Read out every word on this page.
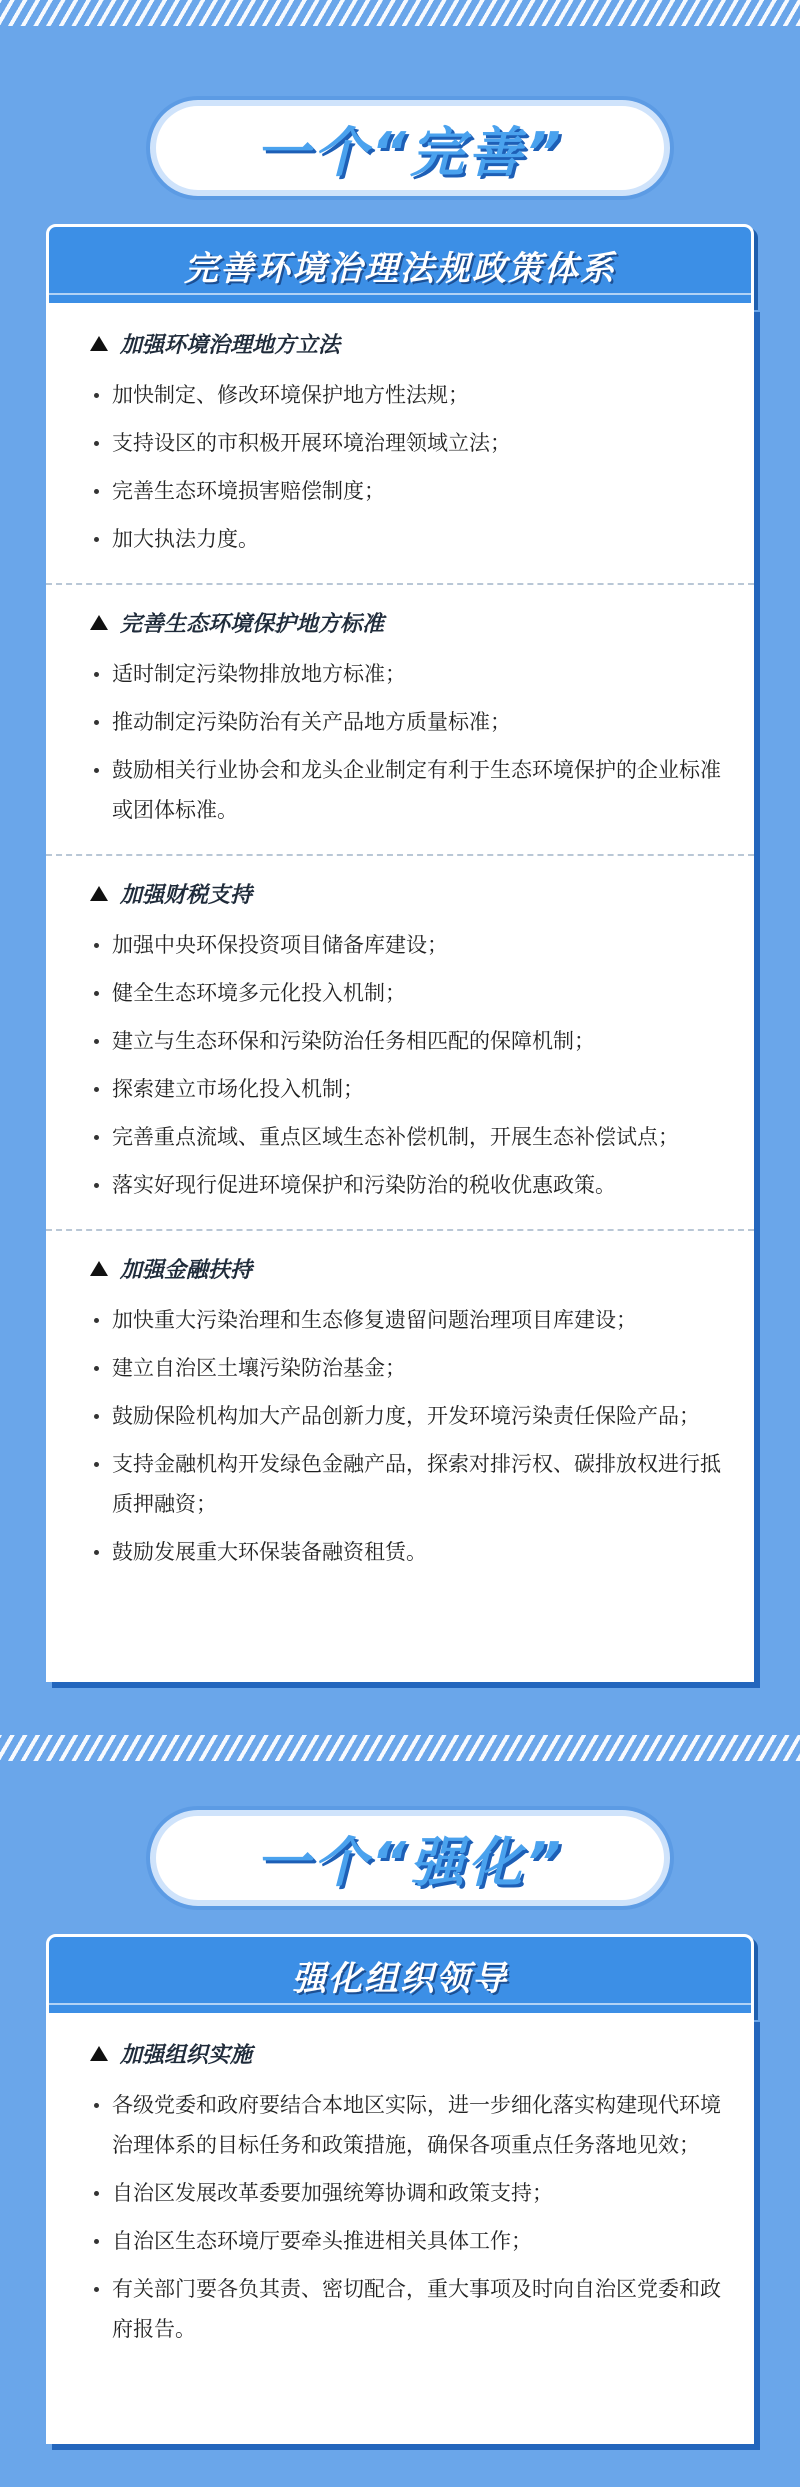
一个“完善”
完善环境治理法规政策体系
加强环境治理地方立法
加快制定、修改环境保护地方性法规；
支持设区的市积极开展环境治理领域立法；
完善生态环境损害赔偿制度；
加大执法力度。
完善生态环境保护地方标准
适时制定污染物排放地方标准；
推动制定污染防治有关产品地方质量标准；
鼓励相关行业协会和龙头企业制定有利于生态环境保护的企业标准或团体标准。
加强财税支持
加强中央环保投资项目储备库建设；
健全生态环境多元化投入机制；
建立与生态环保和污染防治任务相匹配的保障机制；
探索建立市场化投入机制；
完善重点流域、重点区域生态补偿机制，开展生态补偿试点；
落实好现行促进环境保护和污染防治的税收优惠政策。
加强金融扶持
加快重大污染治理和生态修复遗留问题治理项目库建设；
建立自治区土壤污染防治基金；
鼓励保险机构加大产品创新力度，开发环境污染责任保险产品；
支持金融机构开发绿色金融产品，探索对排污权、碳排放权进行抵质押融资；
鼓励发展重大环保装备融资租赁。
一个“强化”
强化组织领导
加强组织实施
各级党委和政府要结合本地区实际，进一步细化落实构建现代环境治理体系的目标任务和政策措施，确保各项重点任务落地见效；
自治区发展改革委要加强统筹协调和政策支持；
自治区生态环境厅要牵头推进相关具体工作；
有关部门要各负其责、密切配合，重大事项及时向自治区党委和政府报告。
